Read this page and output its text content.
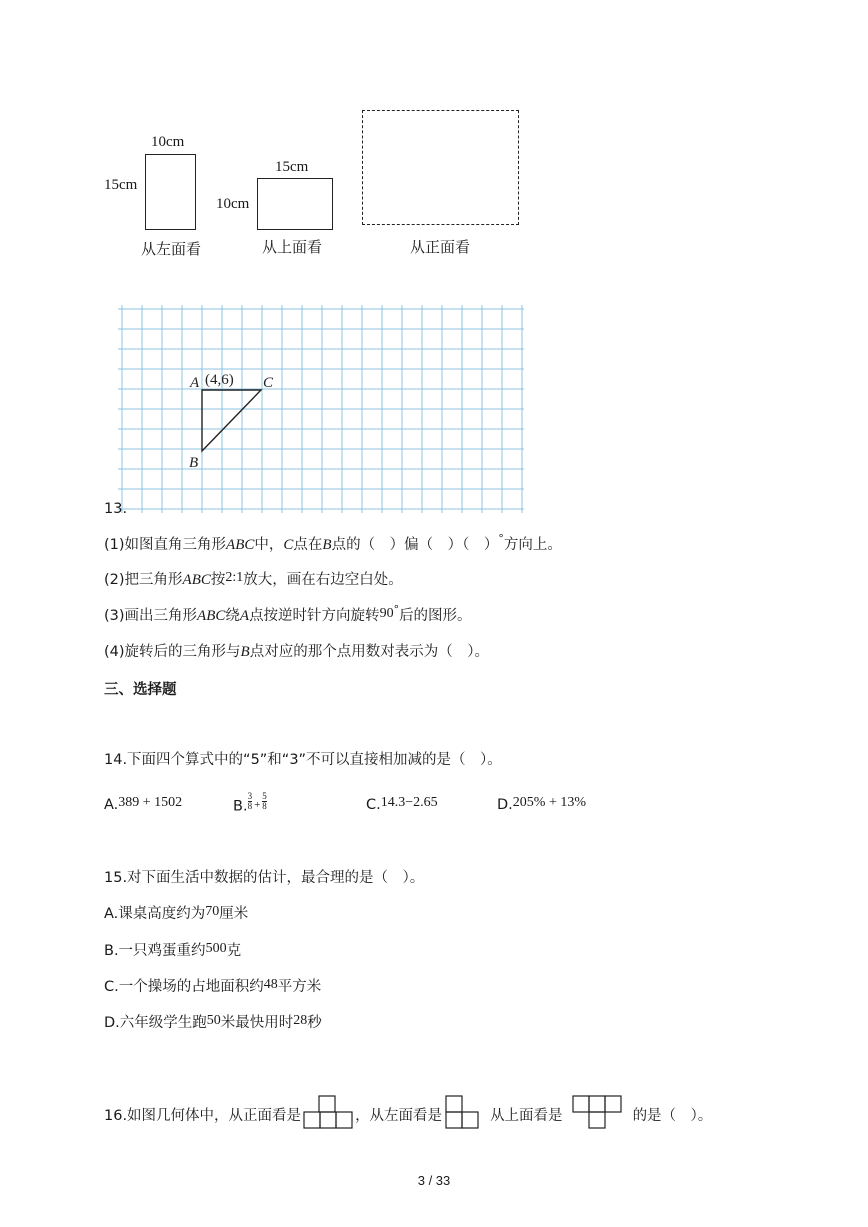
10cm
15cm
从左面看
15cm
10cm
从上面看	从正面看
A (4,6) C
B
13.
(1)如图直角三角形ABC中，C点在B点的（　）偏（　）（　）°方向上。
(2)把三角形ABC按2:1放大，画在右边空白处。
(3)画出三角形ABC绕A点按逆时针方向旋转90°后的图形。
(4)旋转后的三角形与B点对应的那个点用数对表示为（　）。
三、选择题
14.下面四个算式中的“5”和“3”不可以直接相加减的是（　）。
A.389 + 1502	B. $\frac{3}{8} ^+ \frac{5}{8}$	C.14.3−2.65	D.205% + 13%
15.对下面生活中数据的估计，最合理的是（　）。
A.课桌高度约为70厘米
B.一只鸡蛋重约500克
C.一个操场的占地面积约48平方米
D.六年级学生跑50米最快用时28秒
16.如图几何体中，从正面看是	，从左面看是	从上面看是	的是（　）。
3 / 33
